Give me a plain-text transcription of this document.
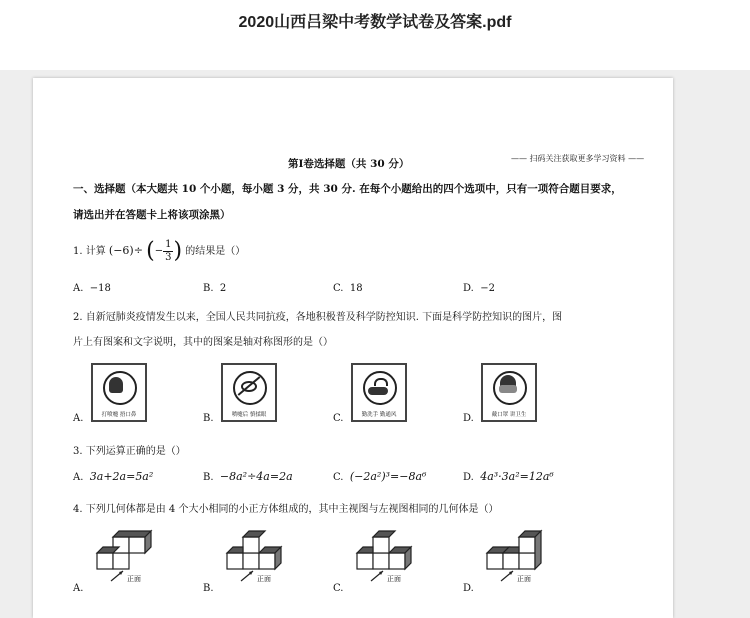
2020山西吕梁中考数学试卷及答案.pdf
—— 扫码关注获取更多学习资料 ——
第Ⅰ卷选择题（共 30 分）
一、选择题（本大题共 10 个小题，每小题 3 分，共 30 分. 在每个小题给出的四个选项中，只有一项符合题目要求，
请选出并在答题卡上将该项涂黑）
1. 计算 (−6)÷ (− $\frac{1}{3}$ ) 的结果是（）
A. −18	B. 2	C. 18	D. −2
2. 自新冠肺炎疫情发生以来，全国人民共同抗疫，各地积极普及科学防控知识. 下面是科学防控知识的图片，图
片上有图案和文字说明，其中的图案是轴对称图形的是（）
A.	打喷嚏 捂口鼻	B.	喷嚏后 慎揉眼	C.	勤洗手 勤通风	D.	戴口罩 讲卫生
3. 下列运算正确的是（）
A. 3a+2a=5a²	B. −8a²÷4a=2a	C. (−2a²)³=−8a⁶	D. 4a³·3a²=12a⁶
4. 下列几何体都是由 4 个大小相同的小正方体组成的，其中主视图与左视图相同的几何体是（）
A.
正面
B.
正面
C.
正面
D.
正面
